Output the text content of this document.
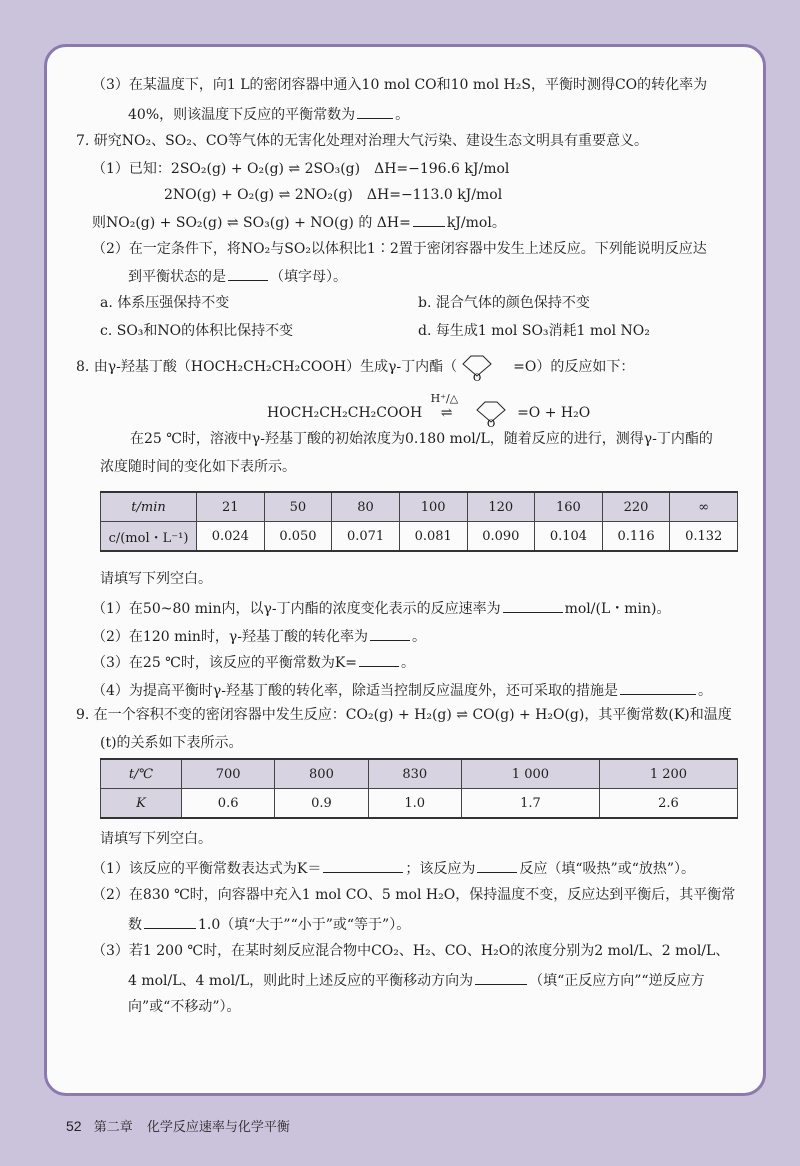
（3）在某温度下，向1 L的密闭容器中通入10 mol CO和10 mol H₂S，平衡时测得CO的转化率为
40%，则该温度下反应的平衡常数为	。
7. 研究NO₂、SO₂、CO等气体的无害化处理对治理大气污染、建设生态文明具有重要意义。
（1）已知：2SO₂(g) + O₂(g) ⇌ 2SO₃(g)　ΔH=−196.6 kJ/mol
2NO(g) + O₂(g) ⇌ 2NO₂(g)　ΔH=−113.0 kJ/mol
则NO₂(g) + SO₂(g) ⇌ SO₃(g) + NO(g) 的 ΔH=	kJ/mol。
（2）在一定条件下，将NO₂与SO₂以体积比1∶2置于密闭容器中发生上述反应。下列能说明反应达
到平衡状态的是	（填字母）。
a. 体系压强保持不变	b. 混合气体的颜色保持不变
c. SO₃和NO的体积比保持不变	d. 每生成1 mol SO₃消耗1 mol NO₂
8. 由γ-羟基丁酸（HOCH₂CH₂CH₂COOH）生成γ-丁内酯（
O
=O）的反应如下：
HOCH₂CH₂CH₂COOH
H⁺/△
⇌
O
=O + H₂O
在25 ℃时，溶液中γ-羟基丁酸的初始浓度为0.180 mol/L，随着反应的进行，测得γ-丁内酯的
浓度随时间的变化如下表所示。
t/min	21	50	80	100	120	160	220	∞
c/(mol・L⁻¹)	0.024	0.050	0.071	0.081	0.090	0.104	0.116	0.132
请填写下列空白。
（1）在50~80 min内，以γ-丁内酯的浓度变化表示的反应速率为	mol/(L・min)。
（2）在120 min时，γ-羟基丁酸的转化率为	。
（3）在25 ℃时，该反应的平衡常数为K=	。
（4）为提高平衡时γ-羟基丁酸的转化率，除适当控制反应温度外，还可采取的措施是	。
9. 在一个容积不变的密闭容器中发生反应：CO₂(g) + H₂(g) ⇌ CO(g) + H₂O(g)，其平衡常数(K)和温度
(t)的关系如下表所示。
t/℃	700	800	830	1 000	1 200
K	0.6	0.9	1.0	1.7	2.6
请填写下列空白。
（1）该反应的平衡常数表达式为K＝	；该反应为	反应（填“吸热”或“放热”）。
（2）在830 ℃时，向容器中充入1 mol CO、5 mol H₂O，保持温度不变，反应达到平衡后，其平衡常
数	1.0（填“大于”“小于”或“等于”）。
（3）若1 200 ℃时，在某时刻反应混合物中CO₂、H₂、CO、H₂O的浓度分别为2 mol/L、2 mol/L、
4 mol/L、4 mol/L，则此时上述反应的平衡移动方向为	（填“正反应方向”“逆反应方
向”或“不移动”）。
52 第二章 化学反应速率与化学平衡
